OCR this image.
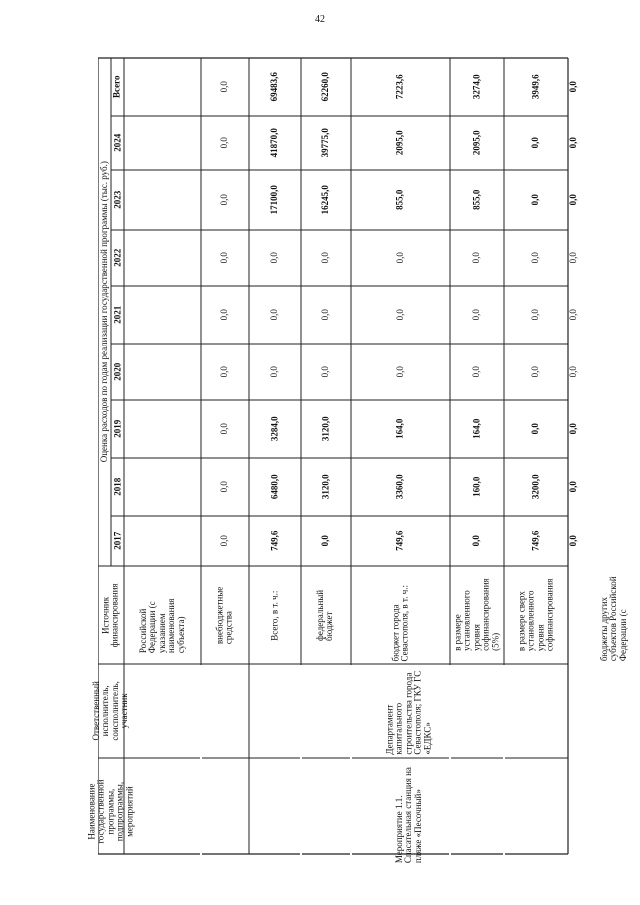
42
Оценка расходов по годам реализации государственной программы (тыс. руб.)
2017
2018
2019
2020
2021
2022
2023
2024
Всего
Источник финансирования
Ответственный исполнитель, соисполнитель, участник
Наименование государственной программы, подпрограммы, мероприятий
Российской Федерации (с указанием наименования субъекта)
0,0
0,0
0,0
0,0
0,0
0,0
0,0
0,0
0,0
внебюджетные средства
749,6
6480,0
3284,0
0,0
0,0
0,0
17100,0
41870,0
69483,6
Всего, в т. ч.:
0,0
3120,0
3120,0
0,0
0,0
0,0
16245,0
39775,0
62260,0
федеральный бюджет
749,6
3360,0
164,0
0,0
0,0
0,0
855,0
2095,0
7223,6
бюджет города Севастополя, в т. ч.:
0,0
160,0
164,0
0,0
0,0
0,0
855,0
2095,0
3274,0
в размере установленного уровня софинансирования (5%)
749,6
3200,0
0,0
0,0
0,0
0,0
0,0
0,0
3949,6
в размере сверх установленного уровня софинансирования
0,0
0,0
0,0
0,0
0,0
0,0
0,0
0,0
0,0
бюджеты других субъектов Российской Федерации (с
Департамент капитального строительства города Севастополя; ГКУ ГС «ЕДКС»
Мероприятие 1.1. Спасательная станция на пляже «Песочный»
